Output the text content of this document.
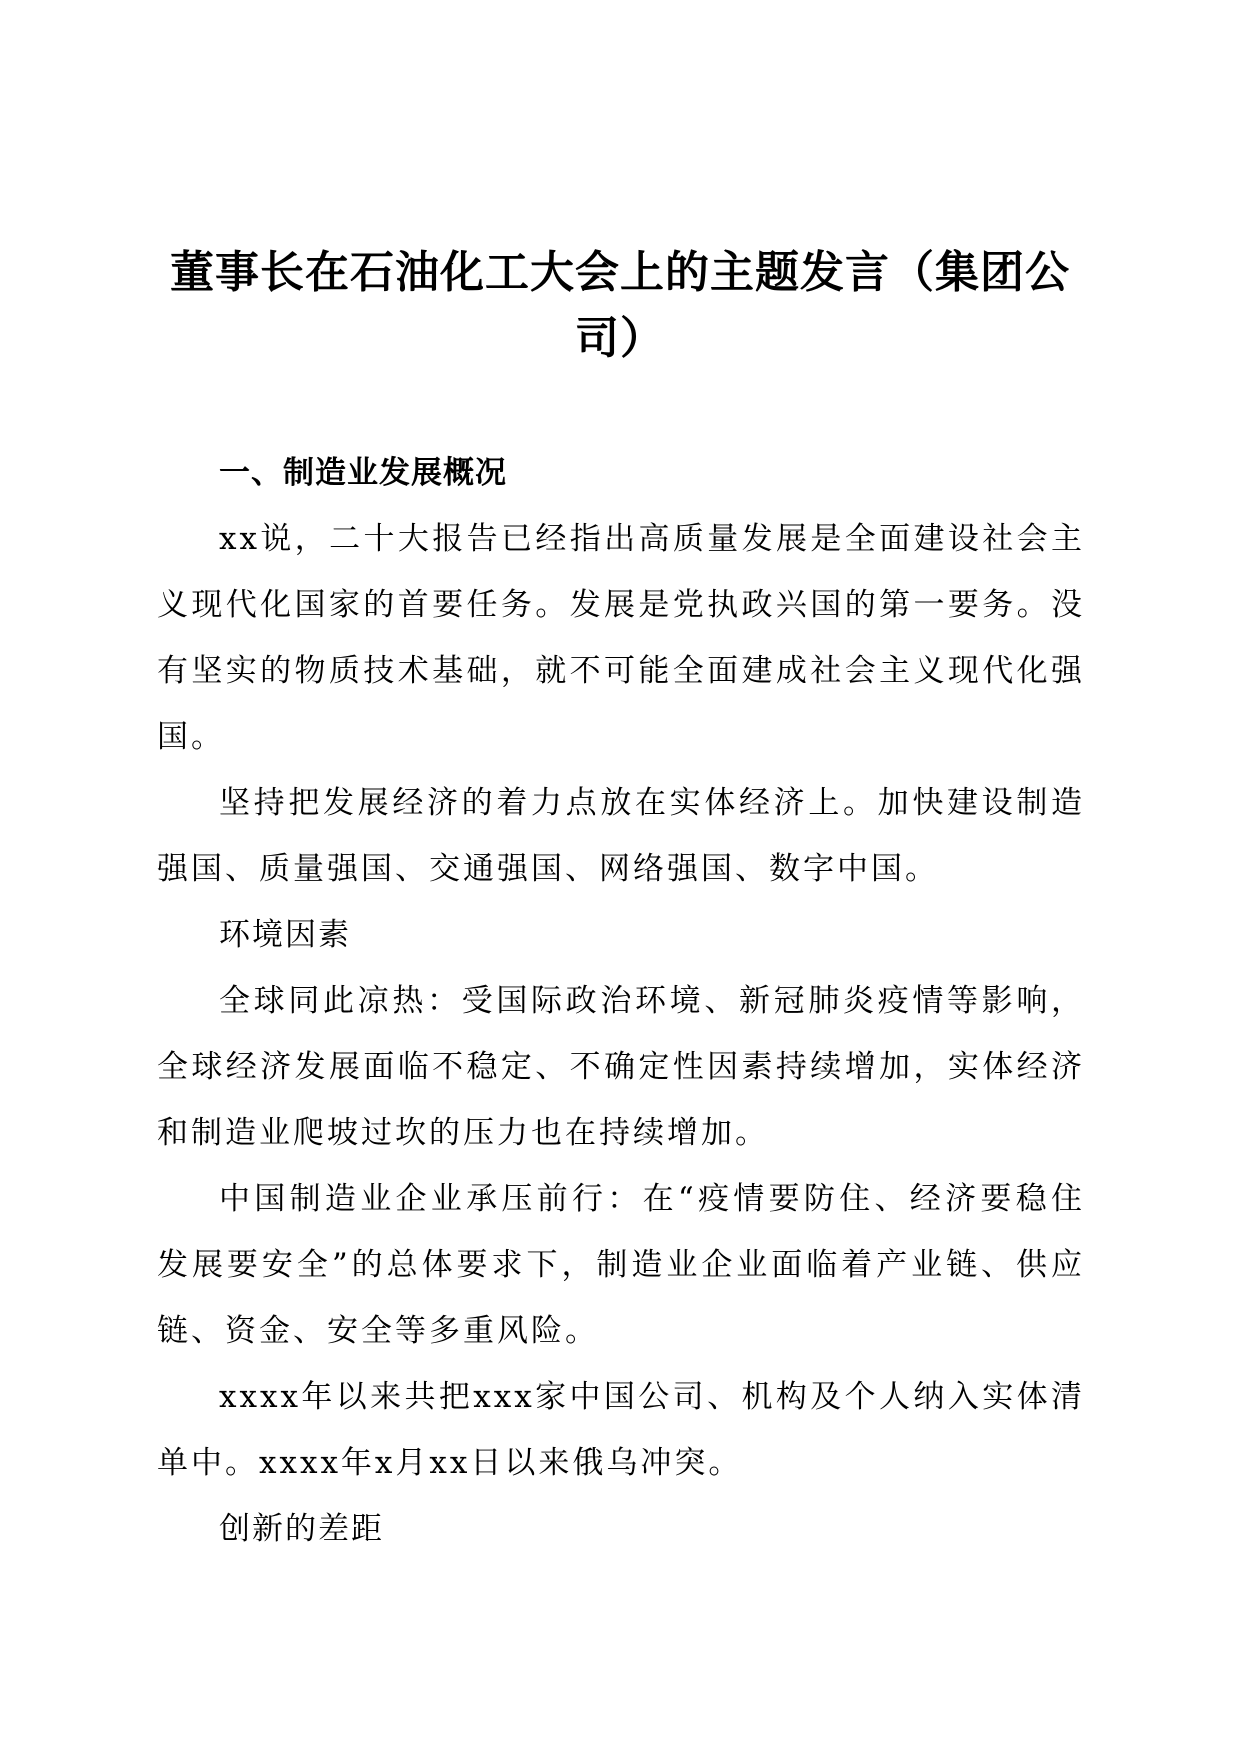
董事长在石油化工大会上的主题发言（集团公司）

一、制造业发展概况

xx说，二十大报告已经指出高质量发展是全面建设社会主义现代化国家的首要任务。发展是党执政兴国的第一要务。没有坚实的物质技术基础，就不可能全面建成社会主义现代化强国。

坚持把发展经济的着力点放在实体经济上。加快建设制造强国、质量强国、交通强国、网络强国、数字中国。

环境因素

全球同此凉热：受国际政治环境、新冠肺炎疫情等影响，全球经济发展面临不稳定、不确定性因素持续增加，实体经济和制造业爬坡过坎的压力也在持续增加。

中国制造业企业承压前行：在“疫情要防住、经济要稳住发展要安全”的总体要求下，制造业企业面临着产业链、供应链、资金、安全等多重风险。

xxxx年以来共把xxx家中国公司、机构及个人纳入实体清单中。xxxx年x月xx日以来俄乌冲突。

创新的差距
